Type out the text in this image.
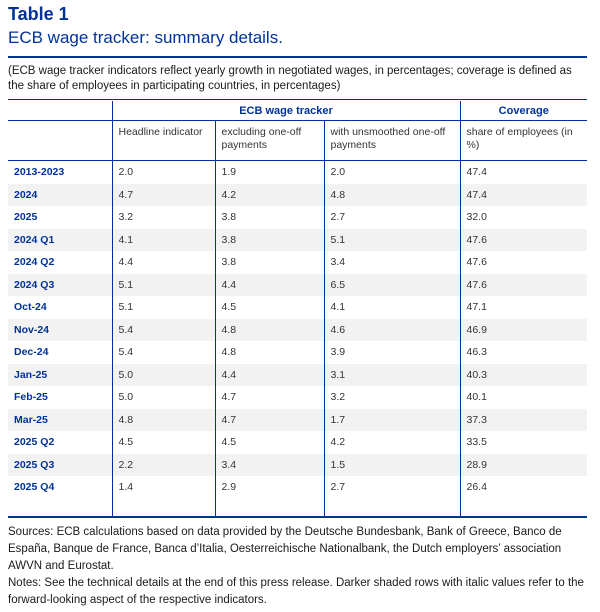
Table 1
ECB wage tracker: summary details.
(ECB wage tracker indicators reflect yearly growth in negotiated wages, in percentages; coverage is defined as the share of employees in participating countries, in percentages)
	ECB wage tracker			Coverage
	Headline indicator	excluding one-off payments	with unsmoothed one-off payments	share of employees (in %)
2013-2023	2.0	1.9	2.0	47.4
2024	4.7	4.2	4.8	47.4
2025	3.2	3.8	2.7	32.0
2024 Q1	4.1	3.8	5.1	47.6
2024 Q2	4.4	3.8	3.4	47.6
2024 Q3	5.1	4.4	6.5	47.6
Oct-24	5.1	4.5	4.1	47.1
Nov-24	5.4	4.8	4.6	46.9
Dec-24	5.4	4.8	3.9	46.3
Jan-25	5.0	4.4	3.1	40.3
Feb-25	5.0	4.7	3.2	40.1
Mar-25	4.8	4.7	1.7	37.3
2025 Q2	4.5	4.5	4.2	33.5
2025 Q3	2.2	3.4	1.5	28.9
2025 Q4	1.4	2.9	2.7	26.4

Sources: ECB calculations based on data provided by the Deutsche Bundesbank, Bank of Greece, Banco de España, Banque de France, Banca d’Italia, Oesterreichische Nationalbank, the Dutch employers’ association AWVN and Eurostat.

Notes: See the technical details at the end of this press release. Darker shaded rows with italic values refer to the forward-looking aspect of the respective indicators.
